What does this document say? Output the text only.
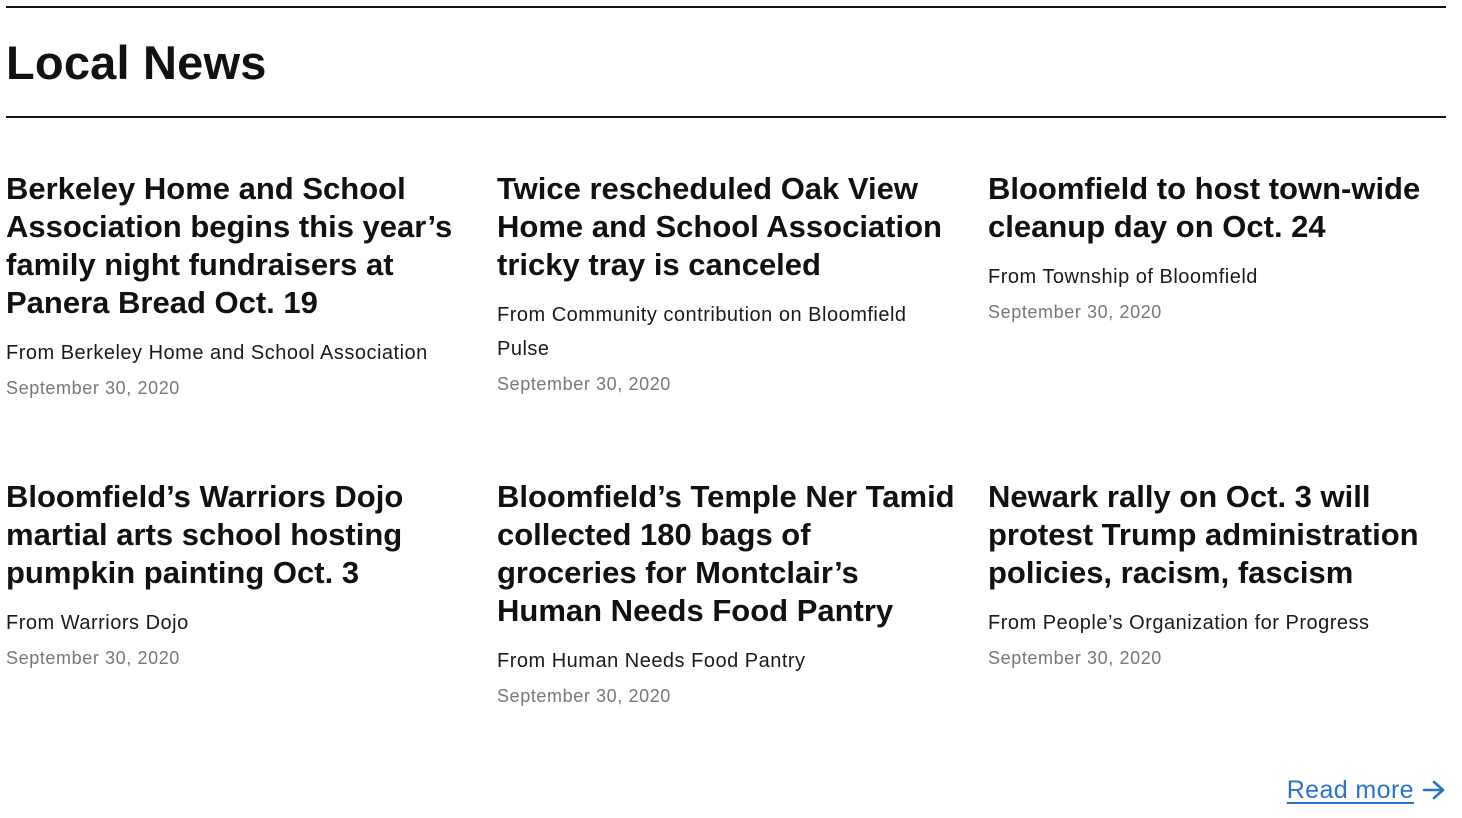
Local News
Berkeley Home and School Association begins this year’s family night fundraisers at Panera Bread Oct. 19

From Berkeley Home and School Association

September 30, 2020

Twice rescheduled Oak View Home and School Association tricky tray is canceled

From Community contribution on Bloomfield Pulse

September 30, 2020

Bloomfield to host town-wide cleanup day on Oct. 24

From Township of Bloomfield

September 30, 2020

Bloomfield’s Warriors Dojo martial arts school hosting pumpkin painting Oct. 3

From Warriors Dojo

September 30, 2020

Bloomfield’s Temple Ner Tamid collected 180 bags of groceries for Montclair’s Human Needs Food Pantry

From Human Needs Food Pantry

September 30, 2020

Newark rally on Oct. 3 will protest Trump administration policies, racism, fascism

From People’s Organization for Progress

September 30, 2020

Read more
